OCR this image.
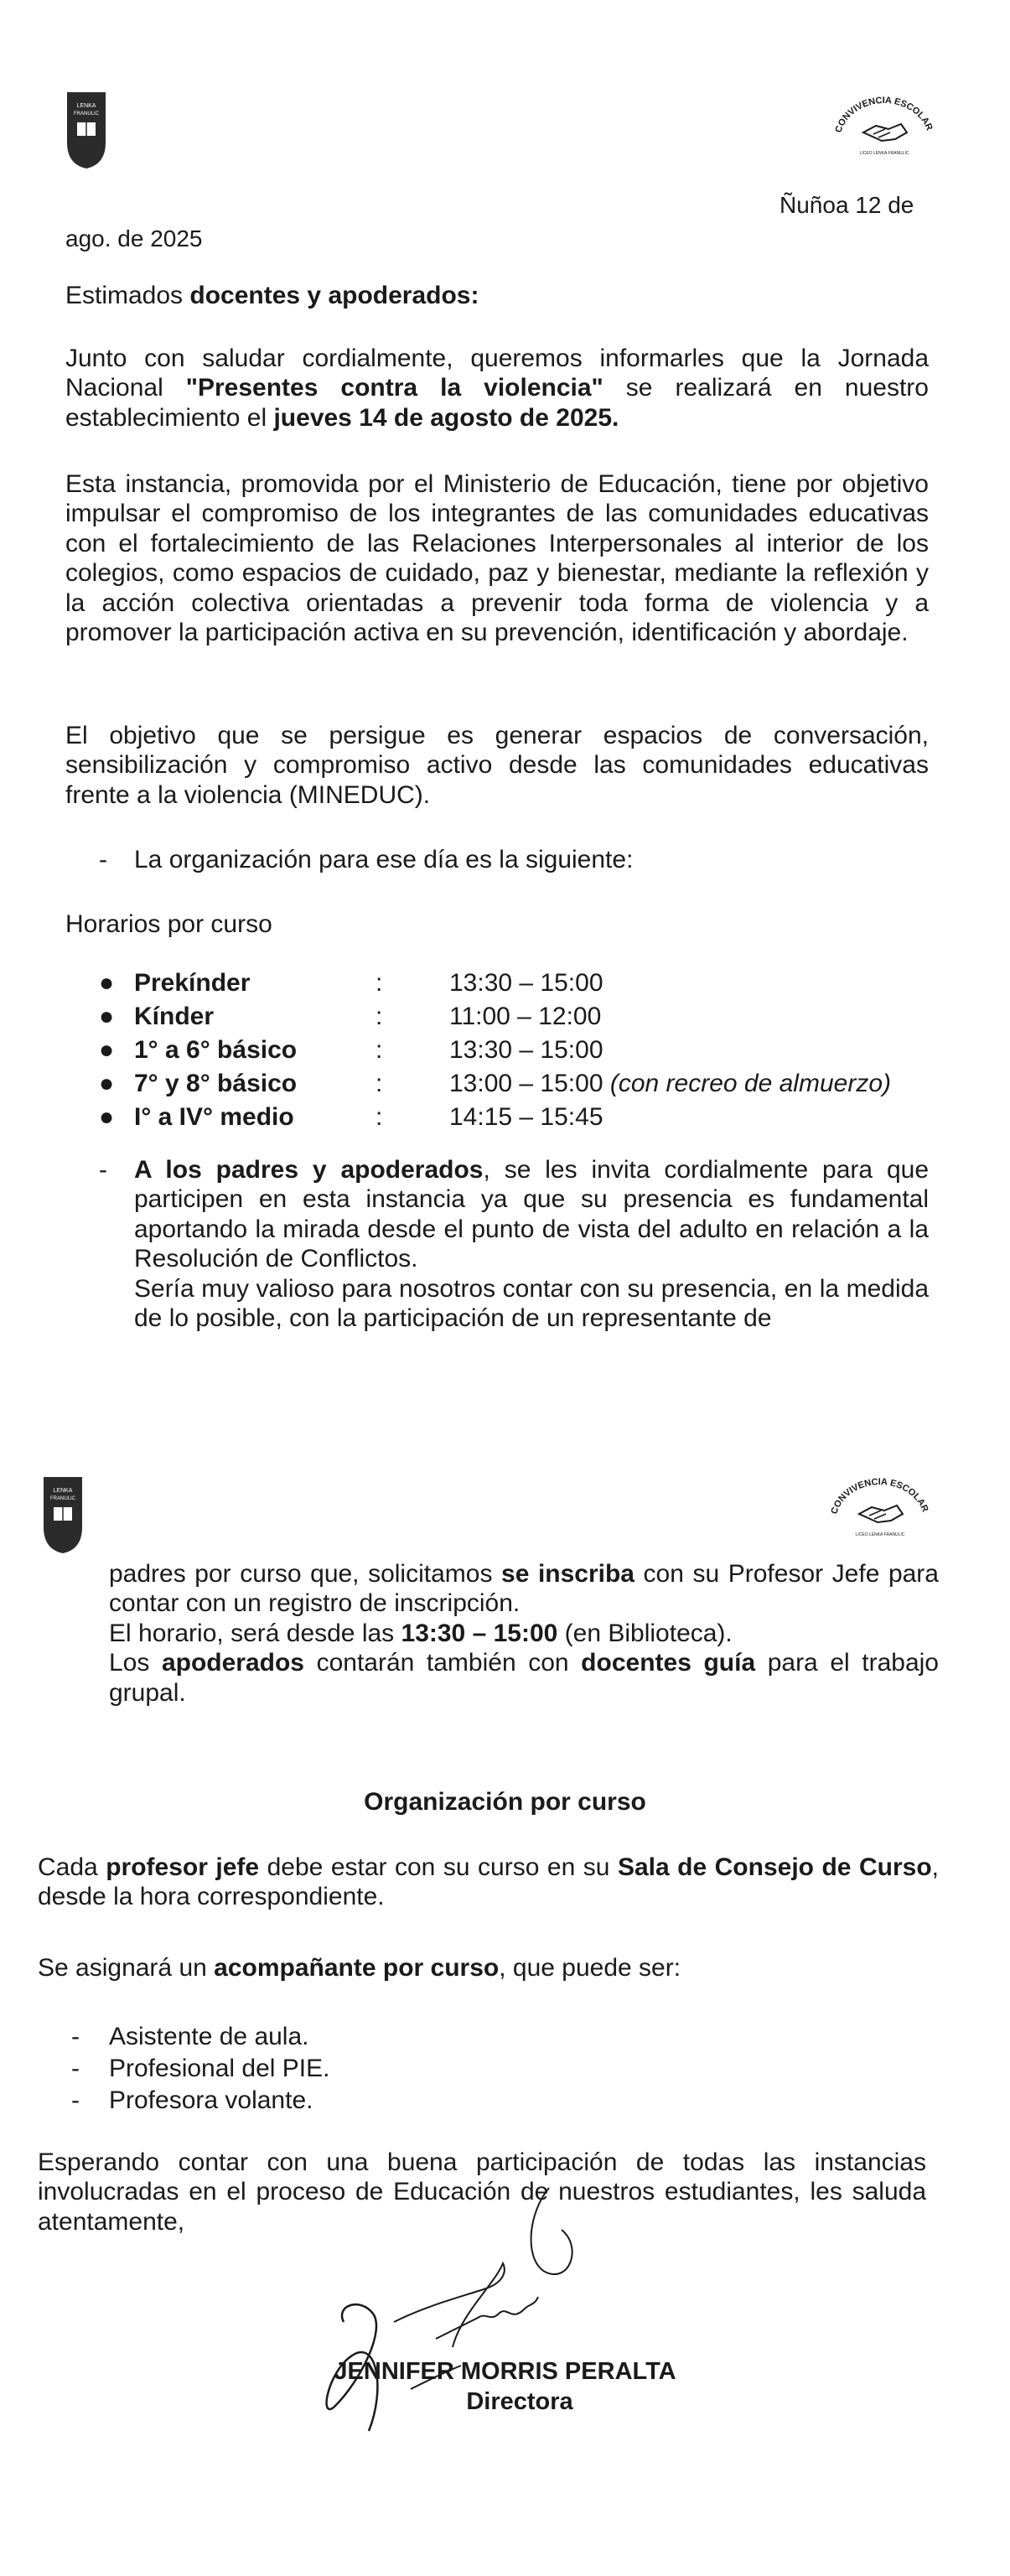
LENKA
FRANULIC
CONVIVENCIA ESCOLAR
LICEO LENKA FRANULIC
Ñuñoa 12 de
ago. de 2025
Estimados docentes y apoderados:

Junto con saludar cordialmente, queremos informarles que la Jornada Nacional "Presentes contra la violencia" se realizará en nuestro establecimiento el jueves 14 de agosto de 2025.

Esta instancia, promovida por el Ministerio de Educación, tiene por objetivo impulsar el compromiso de los integrantes de las comunidades educativas con el fortalecimiento de las Relaciones Interpersonales al interior de los colegios, como espacios de cuidado, paz y bienestar, mediante la reflexión y la acción colectiva orientadas a prevenir toda forma de violencia y a promover la participación activa en su prevención, identificación y abordaje.

El objetivo que se persigue es generar espacios de conversación, sensibilización y compromiso activo desde las comunidades educativas frente a la violencia (MINEDUC).

- La organización para ese día es la siguiente:
Horarios por curso
● Prekínder	:	13:30 – 15:00
● Kínder	:	11:00 – 12:00
● 1° a 6° básico	:	13:30 – 15:00
● 7° y 8° básico	:	13:00 – 15:00 (con recreo de almuerzo)
● I° a IV° medio	:	14:15 – 15:45
- A los padres y apoderados, se les invita cordialmente para que participen en esta instancia ya que su presencia es fundamental aportando la mirada desde el punto de vista del adulto en relación a la Resolución de Conflictos.

Sería muy valioso para nosotros contar con su presencia, en la medida de lo posible, con la participación de un representante de

LENKA
FRANULIC
CONVIVENCIA ESCOLAR
LICEO LENKA FRANULIC

padres por curso que, solicitamos se inscriba con su Profesor Jefe para contar con un registro de inscripción.

El horario, será desde las 13:30 – 15:00 (en Biblioteca).

Los apoderados contarán también con docentes guía para el trabajo grupal.

Organización por curso

Cada profesor jefe debe estar con su curso en su Sala de Consejo de Curso, desde la hora correspondiente.

Se asignará un acompañante por curso, que puede ser:

- Asistente de aula.
- Profesional del PIE.
- Profesora volante.

Esperando contar con una buena participación de todas las instancias involucradas en el proceso de Educación de nuestros estudiantes, les saluda atentamente,

JENNIFER MORRIS PERALTA
Directora
